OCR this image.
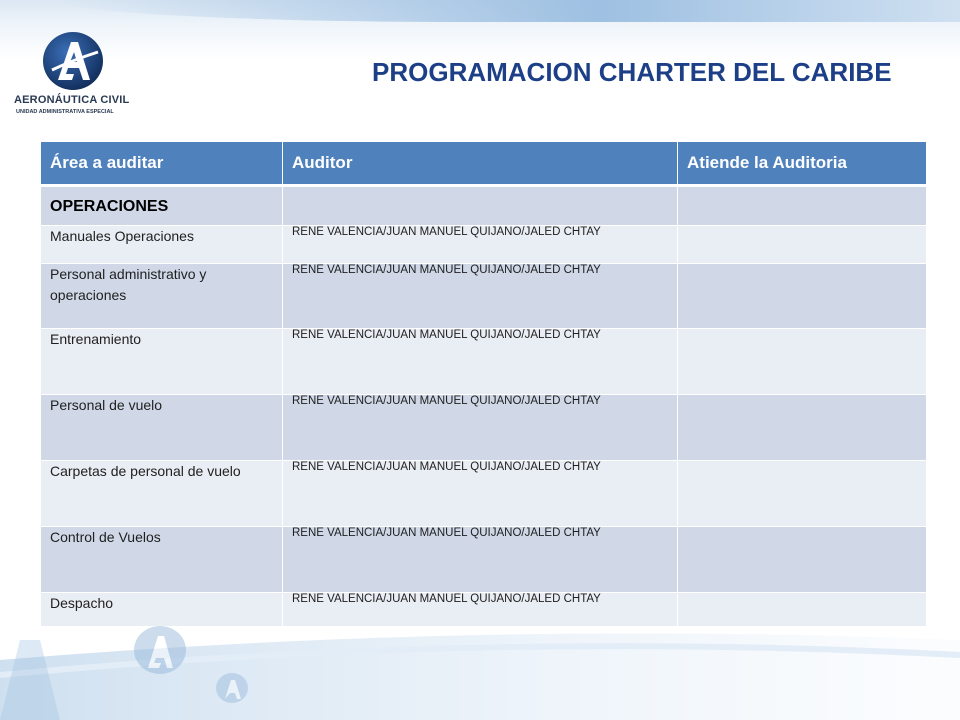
AERONÁUTICA CIVIL
UNIDAD ADMINISTRATIVA ESPECIAL
PROGRAMACION CHARTER DEL CARIBE
Área a auditar	Auditor	Atiende la Auditoria
OPERACIONES		
Manuales Operaciones	RENE VALENCIA/JUAN MANUEL QUIJANO/JALED CHTAY	
Personal administrativo y operaciones	RENE VALENCIA/JUAN MANUEL QUIJANO/JALED CHTAY	
Entrenamiento	RENE VALENCIA/JUAN MANUEL QUIJANO/JALED CHTAY	
Personal de vuelo	RENE VALENCIA/JUAN MANUEL QUIJANO/JALED CHTAY	
Carpetas de personal de vuelo	RENE VALENCIA/JUAN MANUEL QUIJANO/JALED CHTAY	
Control de Vuelos	RENE VALENCIA/JUAN MANUEL QUIJANO/JALED CHTAY	
Despacho	RENE VALENCIA/JUAN MANUEL QUIJANO/JALED CHTAY	
